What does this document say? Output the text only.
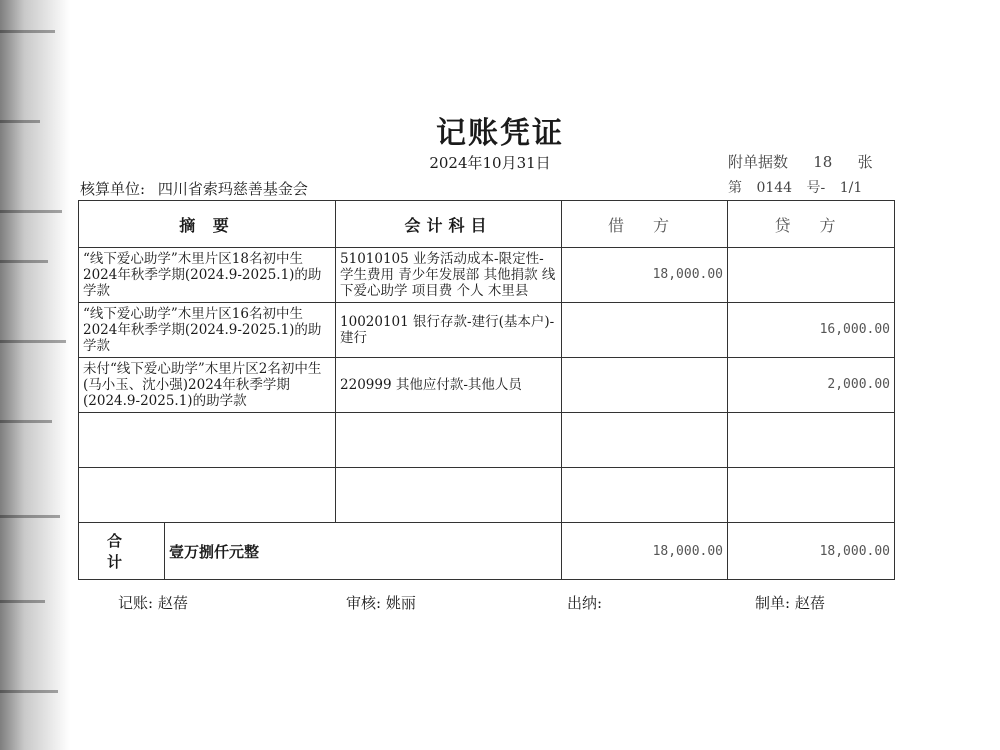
记账凭证
2024年10月31日	附单据数 18 张
核算单位: 四川省索玛慈善基金会	第 0144 号- 1/1
摘 要		会计科目	借 方	贷 方
“线下爱心助学”木里片区18名初中生2024年秋季学期(2024.9-2025.1)的助学款		51010105 业务活动成本-限定性-学生费用 青少年发展部 其他捐款 线下爱心助学 项目费 个人 木里县	18,000.00	
“线下爱心助学”木里片区16名初中生2024年秋季学期(2024.9-2025.1)的助学款		10020101 银行存款-建行(基本户)-建行		16,000.00
未付“线下爱心助学”木里片区2名初中生(马小玉、沈小强)2024年秋季学期(2024.9-2025.1)的助学款		220999 其他应付款-其他人员		2,000.00

合 计	壹万捌仟元整		18,000.00	18,000.00
记账: 赵蓓	审核: 姚丽	出纳:	制单: 赵蓓
